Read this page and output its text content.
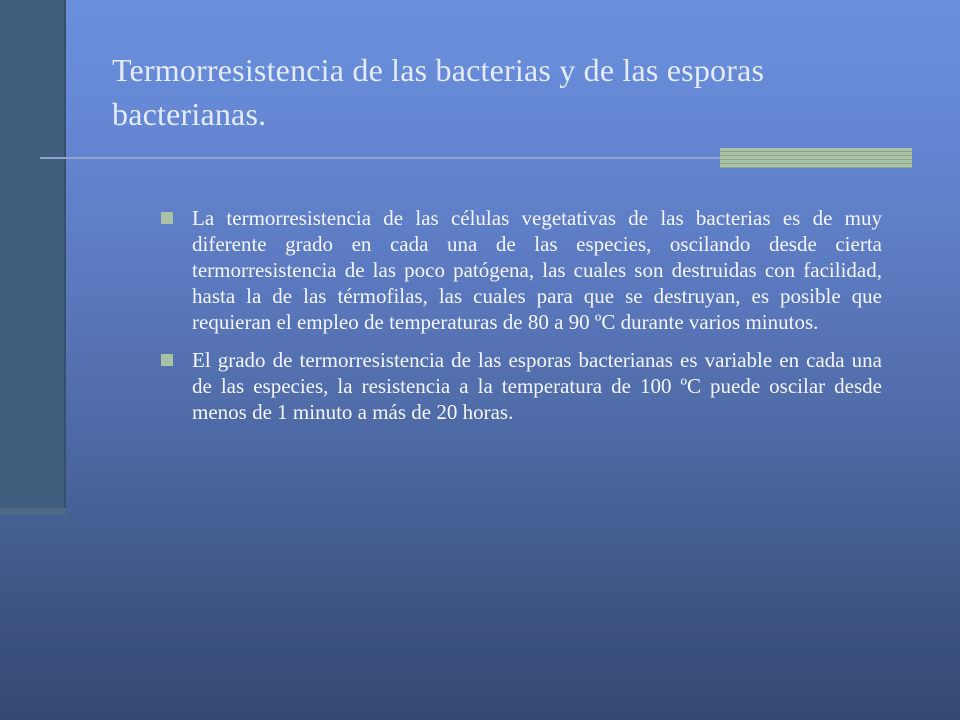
Termorresistencia de las bacterias y de las esporas bacterianas.
La termorresistencia de las células vegetativas de las bacterias es de muy diferente grado en cada una de las especies, oscilando desde cierta termorresistencia de las poco patógena, las cuales son destruidas con facilidad, hasta la de las térmofilas, las cuales para que se destruyan, es posible que requieran el empleo de temperaturas de 80 a 90 ºC durante varios minutos.
El grado de termorresistencia de las esporas bacterianas es variable en cada una de las especies, la resistencia a la temperatura de 100 ºC puede oscilar desde menos de 1 minuto a más de 20 horas.
